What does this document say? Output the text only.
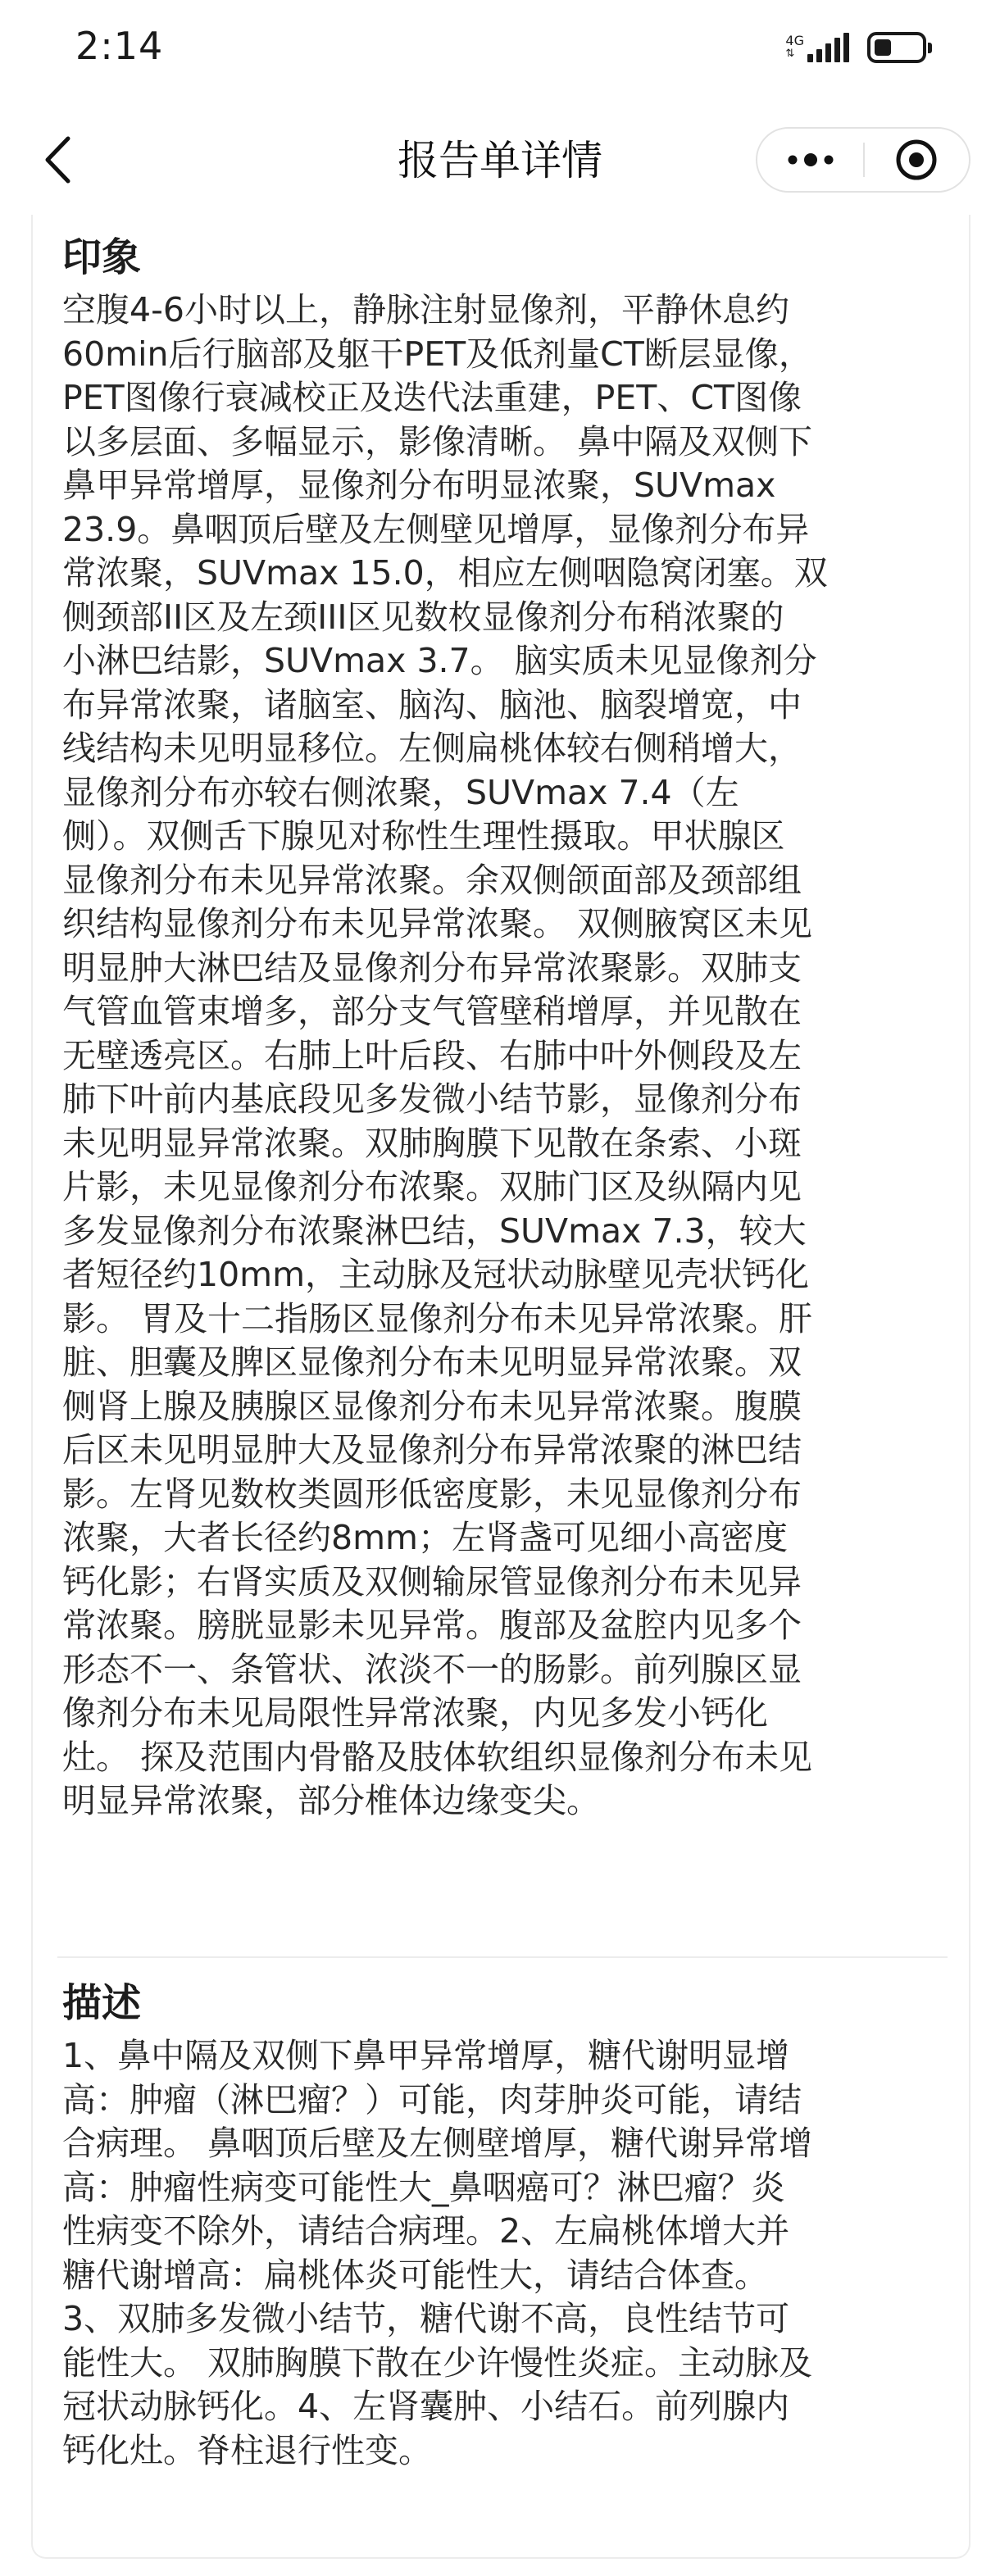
2:14	4G
⇅
报告单详情
印象

空腹4-6小时以上，静脉注射显像剂，平静休息约
60min后行脑部及躯干PET及低剂量CT断层显像，
PET图像行衰减校正及迭代法重建，PET、CT图像
以多层面、多幅显示，影像清晰。 鼻中隔及双侧下
鼻甲异常增厚，显像剂分布明显浓聚，SUVmax
23.9。鼻咽顶后壁及左侧壁见增厚，显像剂分布异
常浓聚，SUVmax 15.0，相应左侧咽隐窝闭塞。双
侧颈部II区及左颈III区见数枚显像剂分布稍浓聚的
小淋巴结影，SUVmax 3.7。 脑实质未见显像剂分
布异常浓聚，诸脑室、脑沟、脑池、脑裂增宽，中
线结构未见明显移位。左侧扁桃体较右侧稍增大，
显像剂分布亦较右侧浓聚，SUVmax 7.4（左
侧）。双侧舌下腺见对称性生理性摄取。甲状腺区
显像剂分布未见异常浓聚。余双侧颌面部及颈部组
织结构显像剂分布未见异常浓聚。 双侧腋窝区未见
明显肿大淋巴结及显像剂分布异常浓聚影。双肺支
气管血管束增多，部分支气管壁稍增厚，并见散在
无壁透亮区。右肺上叶后段、右肺中叶外侧段及左
肺下叶前内基底段见多发微小结节影，显像剂分布
未见明显异常浓聚。双肺胸膜下见散在条索、小斑
片影，未见显像剂分布浓聚。双肺门区及纵隔内见
多发显像剂分布浓聚淋巴结，SUVmax 7.3，较大
者短径约10mm，主动脉及冠状动脉壁见壳状钙化
影。 胃及十二指肠区显像剂分布未见异常浓聚。肝
脏、胆囊及脾区显像剂分布未见明显异常浓聚。双
侧肾上腺及胰腺区显像剂分布未见异常浓聚。腹膜
后区未见明显肿大及显像剂分布异常浓聚的淋巴结
影。左肾见数枚类圆形低密度影，未见显像剂分布
浓聚，大者长径约8mm；左肾盏可见细小高密度
钙化影；右肾实质及双侧输尿管显像剂分布未见异
常浓聚。膀胱显影未见异常。腹部及盆腔内见多个
形态不一、条管状、浓淡不一的肠影。前列腺区显
像剂分布未见局限性异常浓聚，内见多发小钙化
灶。 探及范围内骨骼及肢体软组织显像剂分布未见
明显异常浓聚，部分椎体边缘变尖。

描述

1、鼻中隔及双侧下鼻甲异常增厚，糖代谢明显增
高：肿瘤（淋巴瘤？）可能，肉芽肿炎可能，请结
合病理。 鼻咽顶后壁及左侧壁增厚，糖代谢异常增
高：肿瘤性病变可能性大_鼻咽癌可？淋巴瘤？炎
性病变不除外，请结合病理。2、左扁桃体增大并
糖代谢增高：扁桃体炎可能性大，请结合体查。
3、双肺多发微小结节，糖代谢不高，良性结节可
能性大。 双肺胸膜下散在少许慢性炎症。主动脉及
冠状动脉钙化。4、左肾囊肿、小结石。前列腺内
钙化灶。脊柱退行性变。
